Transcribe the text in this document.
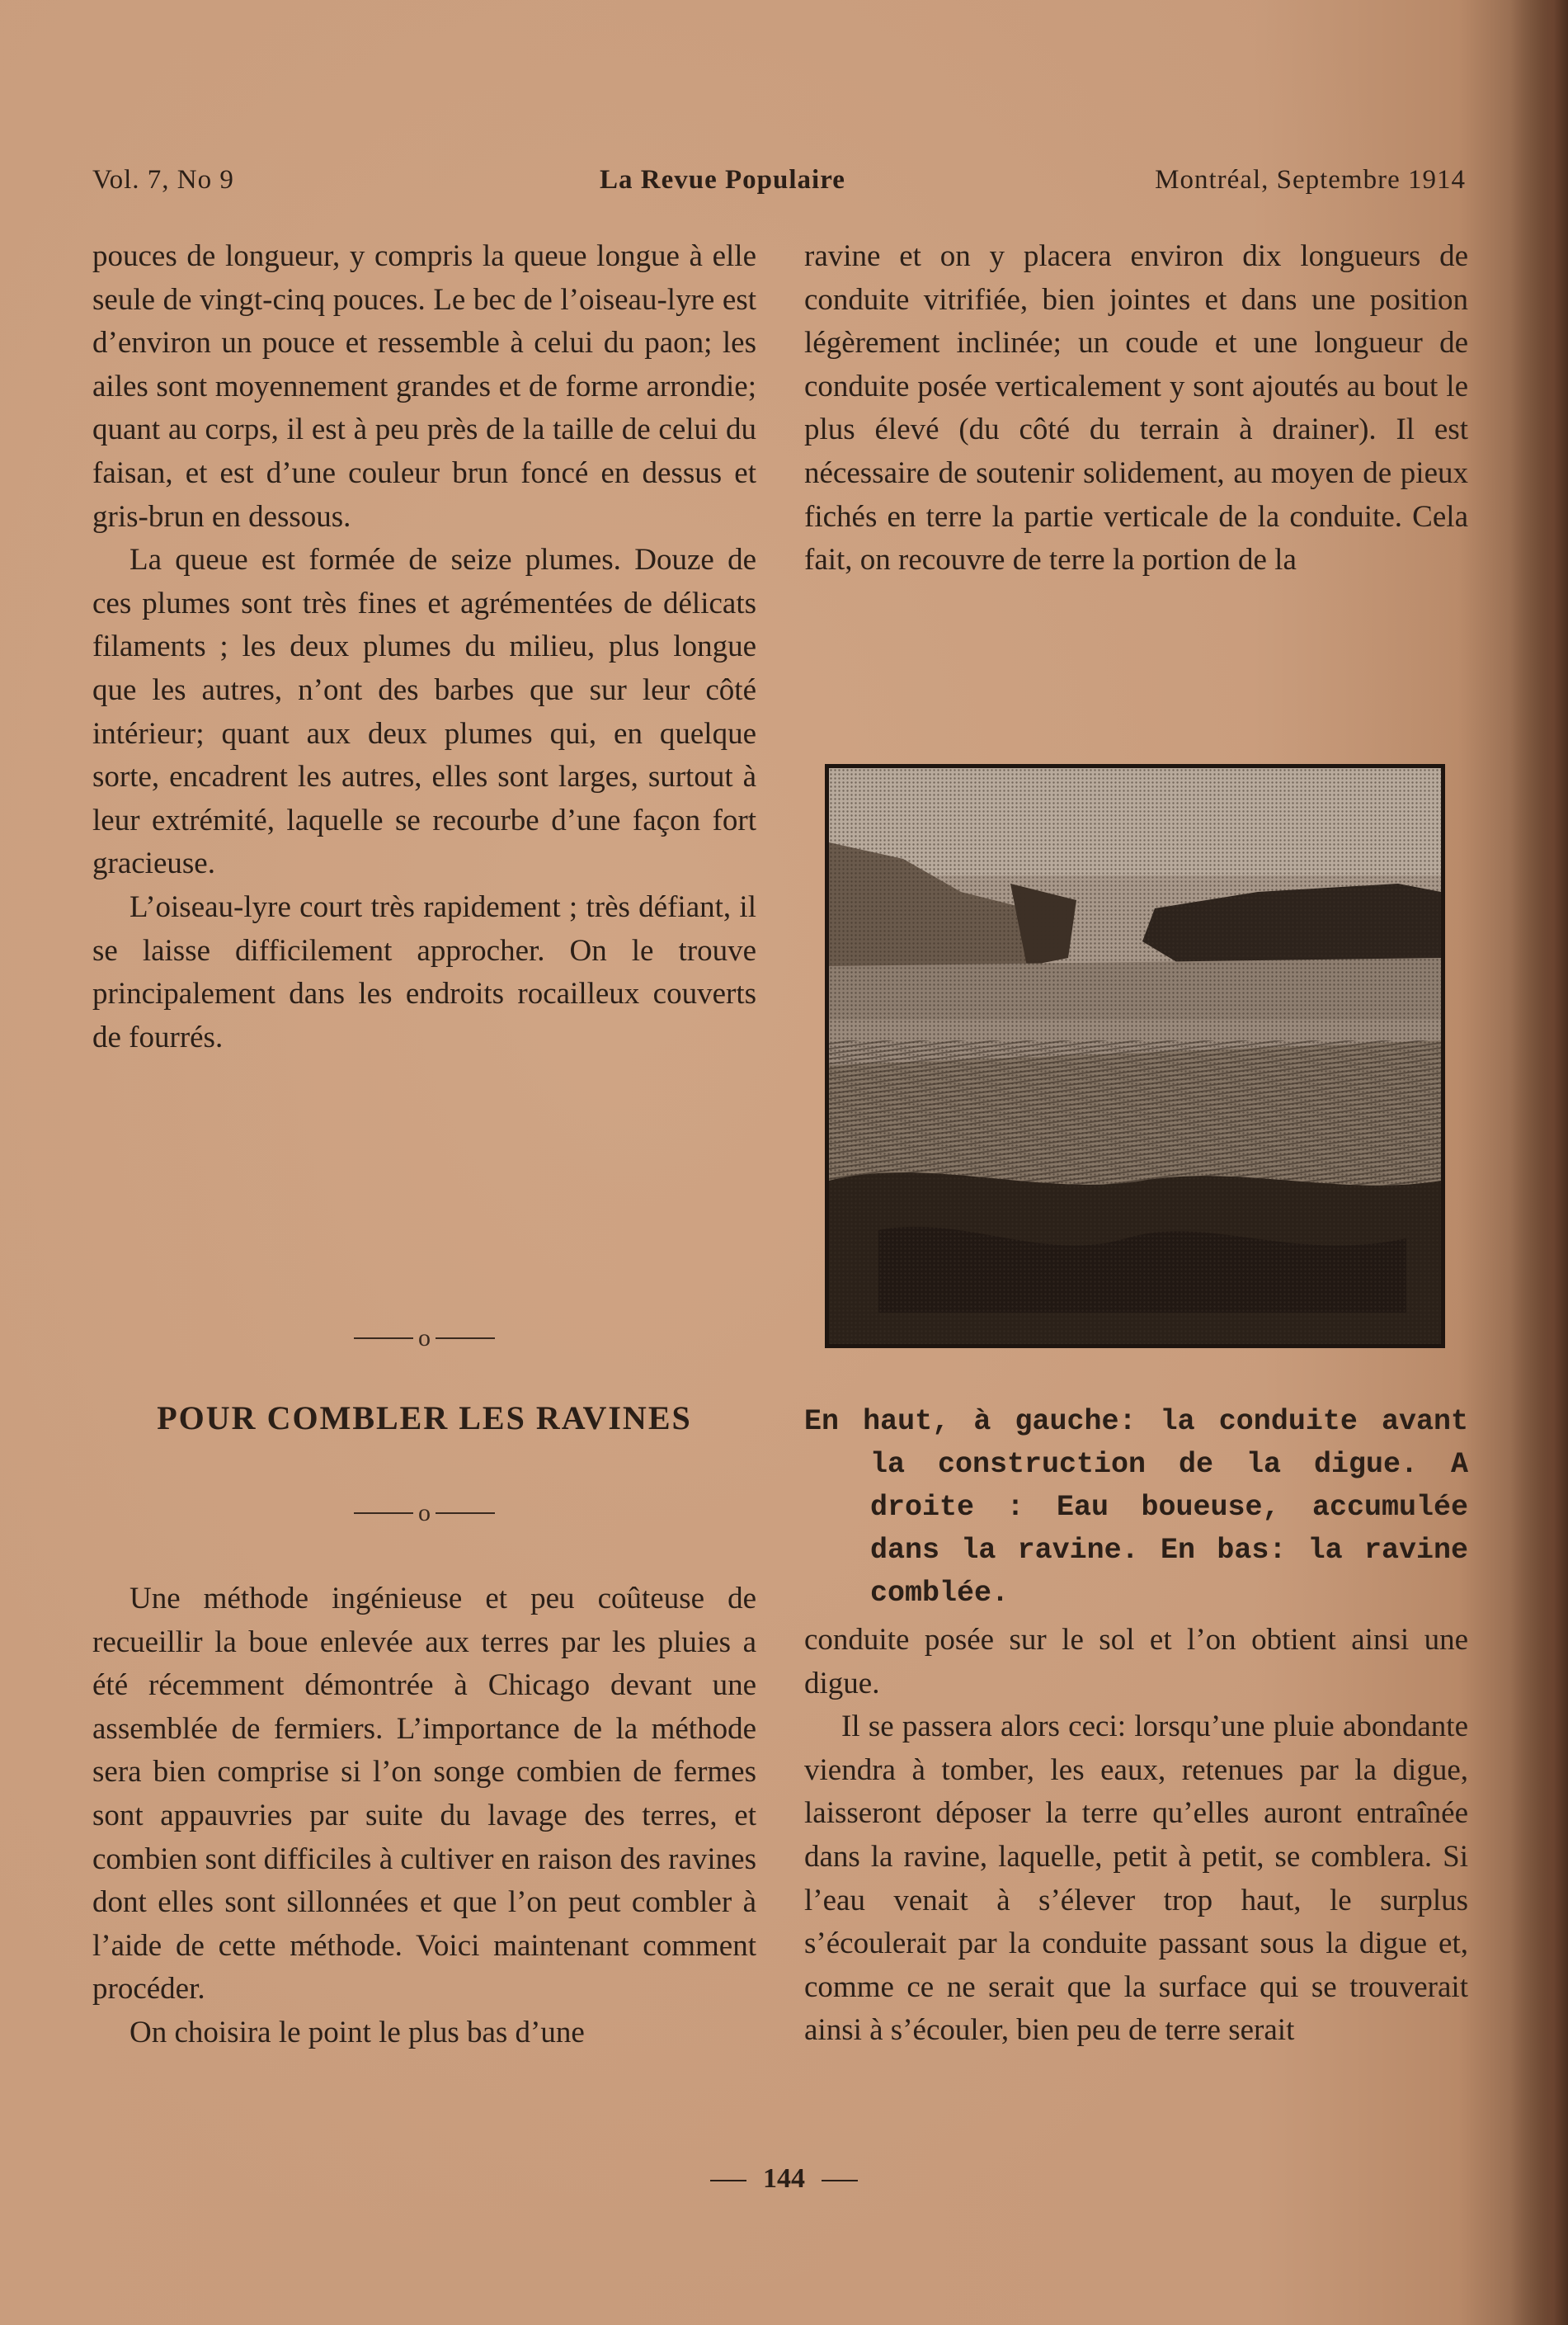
Vol. 7, No 9	La Revue Populaire	Montréal, Septembre 1914

pouces de longueur, y compris la queue longue à elle seule de vingt-cinq pouces. Le bec de l’oiseau-lyre est d’environ un pouce et ressemble à celui du paon; les ailes sont moyennement grandes et de forme arrondie; quant au corps, il est à peu près de la taille de celui du faisan, et est d’une couleur brun foncé en dessus et gris-brun en dessous.

La queue est formée de seize plumes. Douze de ces plumes sont très fines et agrémentées de délicats filaments ; les deux plumes du milieu, plus longue que les autres, n’ont des barbes que sur leur côté intérieur; quant aux deux plumes qui, en quelque sorte, encadrent les autres, elles sont larges, surtout à leur extrémité, laquelle se recourbe d’une façon fort gracieuse.

L’oiseau-lyre court très rapidement ; très défiant, il se laisse difficilement approcher. On le trouve principalement dans les endroits rocailleux couverts de fourrés.

o
POUR COMBLER LES RAVINES
o

Une méthode ingénieuse et peu coûteuse de recueillir la boue enlevée aux terres par les pluies a été récemment démontrée à Chicago devant une assemblée de fermiers. L’importance de la méthode sera bien comprise si l’on songe combien de fermes sont appauvries par suite du lavage des terres, et combien sont difficiles à cultiver en raison des ravines dont elles sont sillonnées et que l’on peut combler à l’aide de cette méthode. Voici maintenant comment procéder.

On choisira le point le plus bas d’une

ravine et on y placera environ dix longueurs de conduite vitrifiée, bien jointes et dans une position légèrement inclinée; un coude et une longueur de conduite posée verticalement y sont ajoutés au bout le plus élevé (du côté du terrain à drainer). Il est nécessaire de soutenir solidement, au moyen de pieux fichés en terre la partie verticale de la conduite. Cela fait, on recouvre de terre la portion de la

En haut, à gauche: la conduite avant la construction de la digue. A droite : Eau boueuse, accumulée dans la ravine. En bas: la ravine comblée.

conduite posée sur le sol et l’on obtient ainsi une digue.

Il se passera alors ceci: lorsqu’une pluie abondante viendra à tomber, les eaux, retenues par la digue, laisseront déposer la terre qu’elles auront entraînée dans la ravine, laquelle, petit à petit, se comblera. Si l’eau venait à s’élever trop haut, le surplus s’écoulerait par la conduite passant sous la digue et, comme ce ne serait que la surface qui se trouverait ainsi à s’écouler, bien peu de terre serait

144
